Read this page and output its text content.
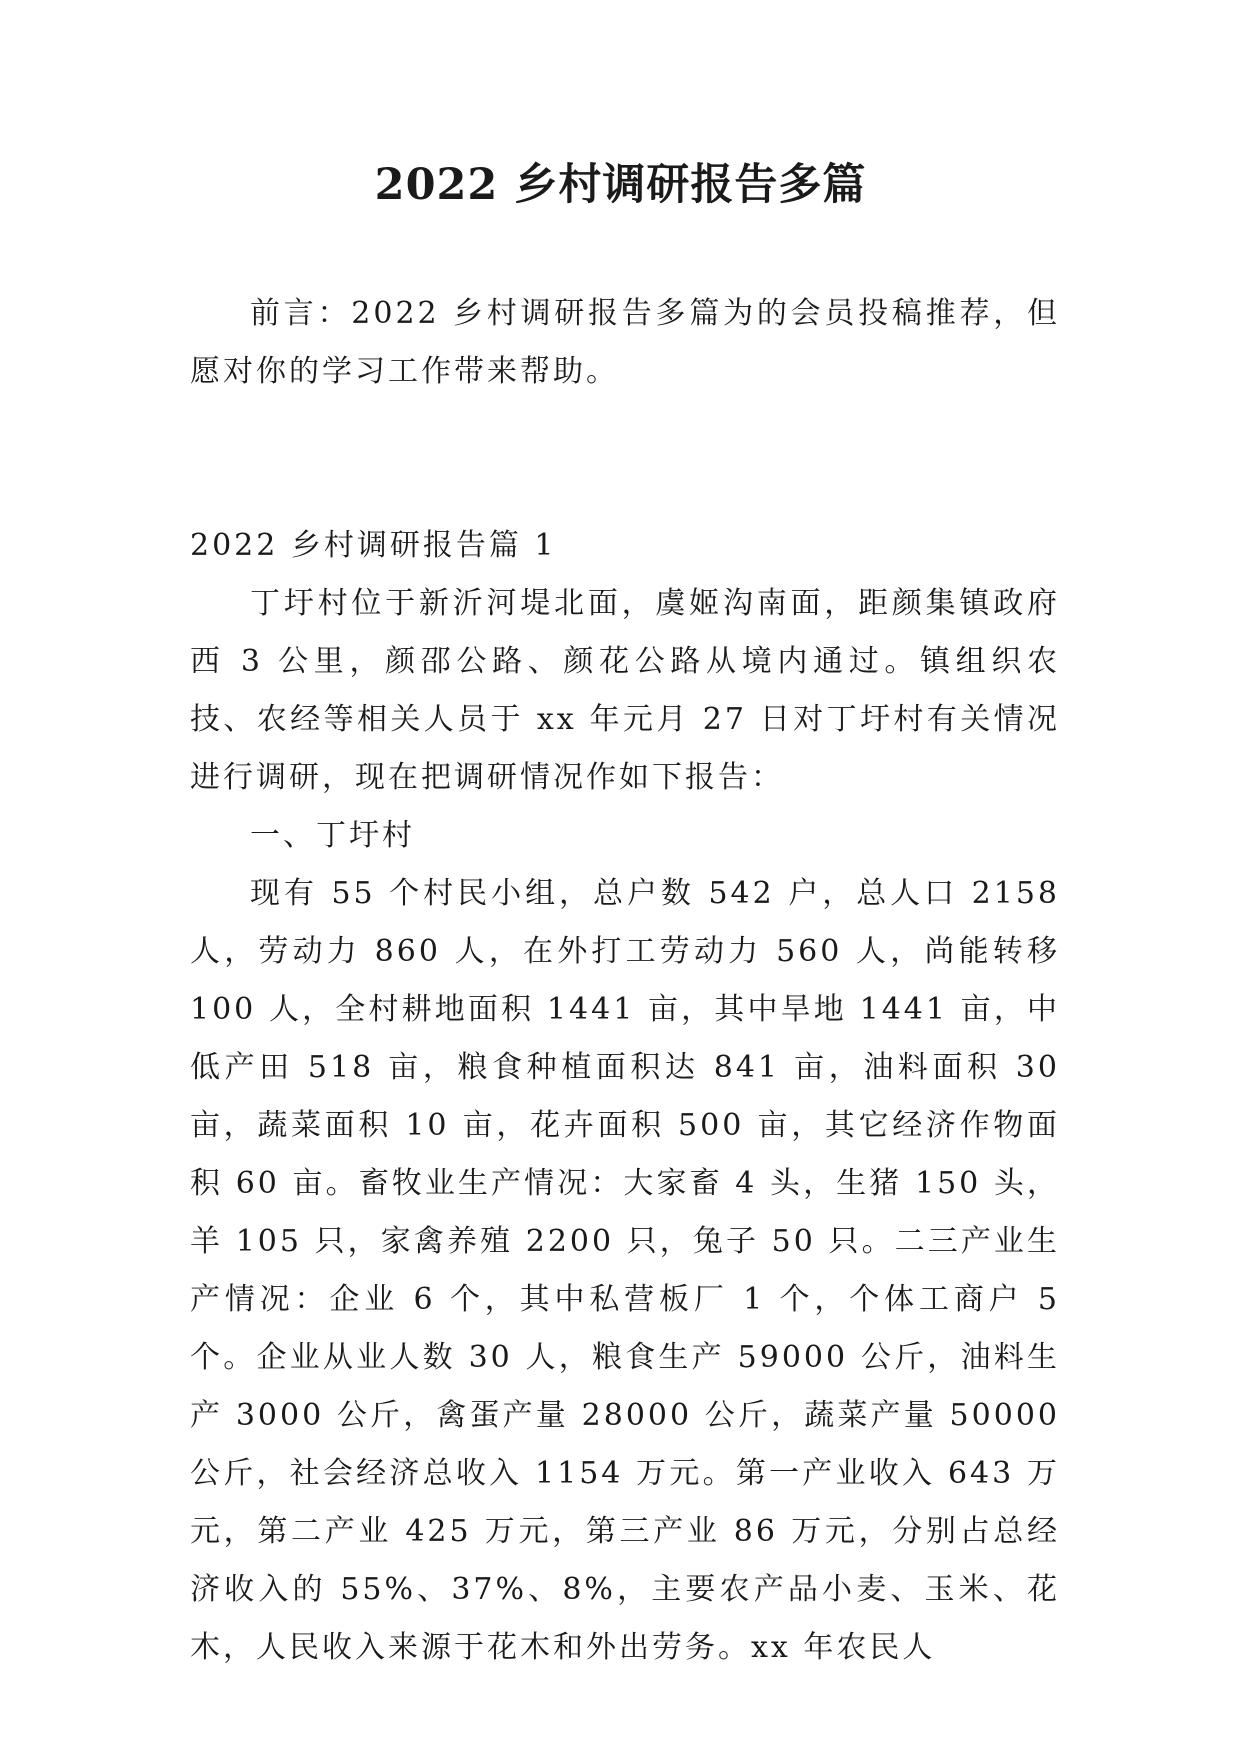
2022 乡村调研报告多篇

前言：2022 乡村调研报告多篇为的会员投稿推荐，但愿对你的学习工作带来帮助。

2022 乡村调研报告篇 1

丁圩村位于新沂河堤北面，虞姬沟南面，距颜集镇政府西 3 公里，颜邵公路、颜花公路从境内通过。镇组织农技、农经等相关人员于 xx 年元月 27 日对丁圩村有关情况进行调研，现在把调研情况作如下报告：

一、丁圩村

现有 55 个村民小组，总户数 542 户，总人口 2158 人，劳动力 860 人，在外打工劳动力 560 人，尚能转移 100 人，全村耕地面积 1441 亩，其中旱地 1441 亩，中低产田 518 亩，粮食种植面积达 841 亩，油料面积 30 亩，蔬菜面积 10 亩，花卉面积 500 亩，其它经济作物面积 60 亩。畜牧业生产情况：大家畜 4 头，生猪 150 头，羊 105 只，家禽养殖 2200 只，兔子 50 只。二三产业生产情况：企业 6 个，其中私营板厂 1 个，个体工商户 5 个。企业从业人数 30 人，粮食生产 59000 公斤，油料生产 3000 公斤，禽蛋产量 28000 公斤，蔬菜产量 50000 公斤，社会经济总收入 1154 万元。第一产业收入 643 万元，第二产业 425 万元，第三产业 86 万元，分别占总经济收入的 55%、37%、8%，主要农产品小麦、玉米、花木，人民收入来源于花木和外出劳务。xx 年农民人
